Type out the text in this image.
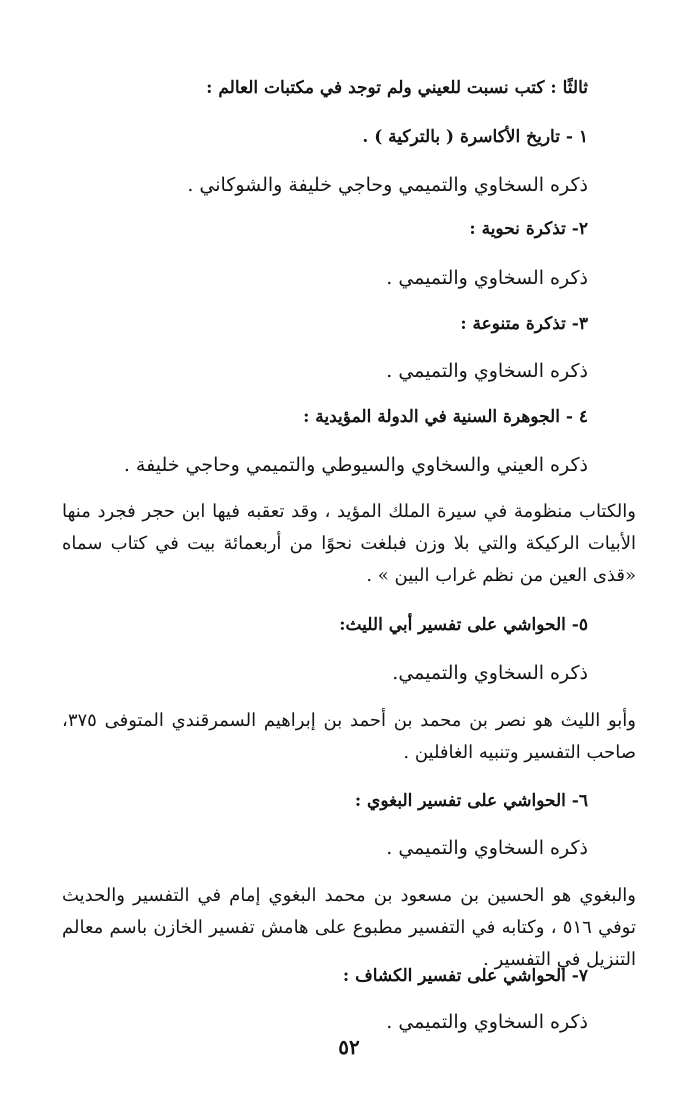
ثالثًا : كتب نسبت للعيني ولم توجد في مكتبات العالم :

١ - تاريخ الأكاسرة ( بالتركية ) .

ذكره السخاوي والتميمي وحاجي خليفة والشوكاني .

٢- تذكرة نحوية :

ذكره السخاوي والتميمي .

٣- تذكرة متنوعة :

ذكره السخاوي والتميمي .

٤ - الجوهرة السنية في الدولة المؤيدية :

ذكره العيني والسخاوي والسيوطي والتميمي وحاجي خليفة .

والكتاب منظومة في سيرة الملك المؤيد ، وقد تعقبه فيها ابن حجر فجرد منها الأبيات الركيكة والتي بلا وزن فبلغت نحوًا من أربعمائة بيت في كتاب سماه «قذى العين من نظم غراب البين » .

٥- الحواشي على تفسير أبي الليث:

ذكره السخاوي والتميمي.

وأبو الليث هو نصر بن محمد بن أحمد بن إبراهيم السمرقندي المتوفى ٣٧٥، صاحب التفسير وتنبيه الغافلين .

٦- الحواشي على تفسير البغوي :

ذكره السخاوي والتميمي .

والبغوي هو الحسين بن مسعود بن محمد البغوي إمام في التفسير والحديث توفي ٥١٦ ، وكتابه في التفسير مطبوع على هامش تفسير الخازن باسم معالم التنزيل في التفسير .

٧- الحواشي على تفسير الكشاف :

ذكره السخاوي والتميمي .

٥٢
